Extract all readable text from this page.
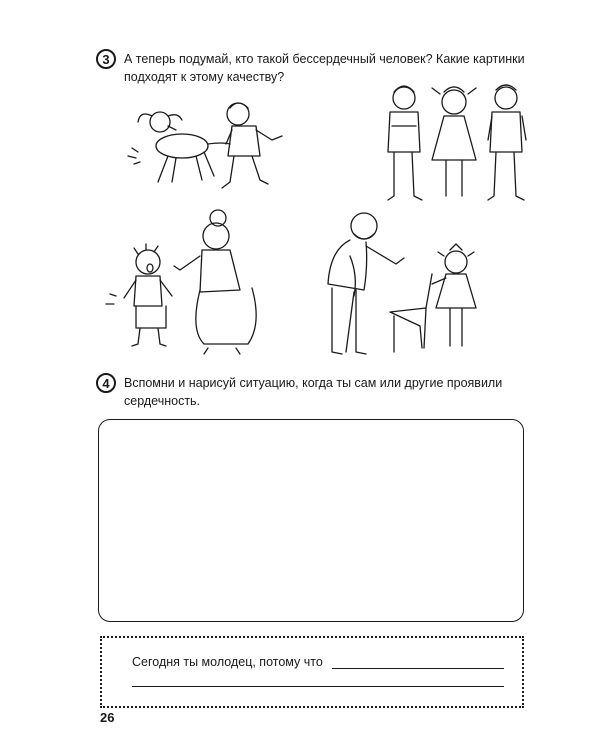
3	А теперь подумай, кто такой бессердечный человек? Какие картинки
подходят к этому качеству?
4	Вспомни и нарисуй ситуацию, когда ты сам или другие проявили
сердечность.
Сегодня ты молодец, потому что
26
